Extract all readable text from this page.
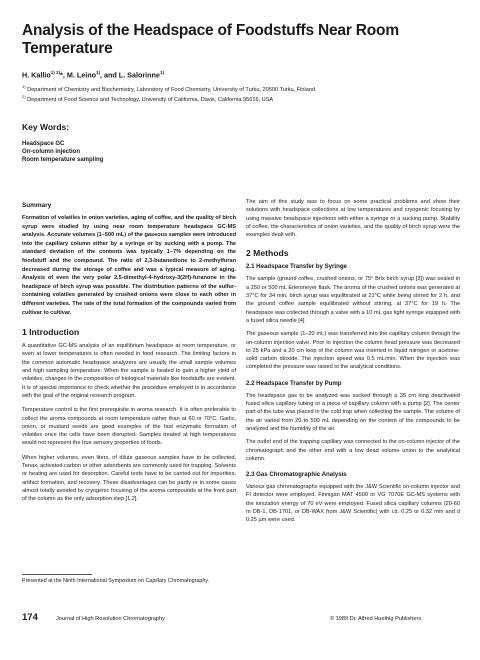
Analysis of the Headspace of Foodstuffs Near Room Temperature
H. Kallio$^{1) 2)}$*, M. Leino$^{1)}$, and L. Salorinne$^{1)}$
$^{1)}$ Department of Chemistry and Biochemistry, Laboratory of Food Chemistry, University of Turku, 20500 Turku, Finland
$^{2)}$ Department of Food Science and Technology, University of California, Davis, California 95616, USA
Key Words:
Headspace GC
On-column injection
Room temperature sampling
Summary
Formation of volatiles in onion varieties, aging of coffee, and the quality of birch syrup were studied by using near room temperature headspace GC-MS analysis. Accurate volumes (1–500 mL) of the gaseous samples were introduced into the capillary column either by a syringe or by sucking with a pump. The standard deviation of the contents was typically 1–7% depending on the foodstuff and the compound. The ratio of 2,3-butanedione to 2-methylfuran decreased during the storage of coffee and was a typical measure of aging. Analysis of even the very polar 2,5-dimethyl-4-hydroxy-3(2H)-furanone in the headspace of birch syrup was possible. The distribution patterns of the sulfur-containing volatiles generated by crushed onions were close to each other in different varieties. The rate of the total formation of the compounds varied from cultivar to cultivar.
1 Introduction
A quantitative GC-MS analysis of an equilibrium headspace at room temperature, or even at lower temperatures is often needed in food research. The limiting factors in the common automatic headspace analyzers are usually the small sample volumes and high sampling temperature. When the sample is heated to gain a higher yield of volatiles, changes in the composition of biological materials like foodstuffs are evident. It is of special importance to check whether the procedure employed is in accordance with the goal of the original research program.
Temperature control is the first prerequisite in aroma research. It is often preferable to collect the aroma compounds at room temperature rather than at 60 or 70°C. Garlic, onion, or mustard seeds are good examples of the fast enzymatic formation of volatiles once the cells have been disrupted. Samples treated at high temperatures would not represent the true sensory properties of foods.
When higher volumes, even liters, of dilute gaseous samples have to be collected, Tenax, activated carbon or other adsorbents are commonly used for trapping. Solvents or heating are used for desorption. Careful tests have to be carried out for impurities, artifact formation, and recovery. These disadvantages can be partly or in some cases almost totally avoided by cryogenic focusing of the aroma compounds at the front part of the column as the only adsorption step [1,2].
Presented at the Ninth International Symposium on Capillary Chromatography.
The aim of this study was to focus on some practical problems and show their solutions with headspace collections at low temperatures and cryogenic focusing by using massive headspace injections with either a syringe or a sucking pump. Stability of coffee, the characteristics of onion varieties, and the quality of birch syrup were the examples dealt with.
2 Methods
2.1 Headspace Transfer by Syringe
The sample (ground coffee, crushed onions, or 75° Brix birch syrup [3]) was sealed in a 250 or 500 mL Erlenmeyer flask. The aroma of the crushed onions was generated at 37°C for 34 min, birch syrup was equilibrated at 21°C while being stirred for 2 h, and the ground coffee sample equilibrated without stirring, at 37°C for 19 h. The headspace was collected through a valve with a 10 mL gas tight syringe equipped with a fused silica needle [4].
The gaseous sample (1–20 mL) was transferred into the capillary column through the on-column injection valve. Prior to injection the column head pressure was decreased to 25 kPa and a 20 cm loop of the column was inserted in liquid nitrogen or acetone-solid carbon dioxide. The injection speed was 0.5 mL/min. When the injection was completed the pressure was raised to the analytical conditions.
2.2 Headspace Transfer by Pump
The headspace gas to be analyzed was sucked through a 35 cm long deactivated fused silica capillary tubing or a piece of capillary column with a pump [2]. The center part of the tube was placed in the cold trap when collecting the sample. The volume of the air varied from 20 to 500 mL depending on the content of the compounds to be analyzed and the humidity of the air.
The outlet end of the trapping capillary was connected to the on-column injector of the chromatograph and the other end with a low dead volume union to the analytical column.
2.3 Gas Chromatographic Analysis
Various gas chromatographs equipped with the J&W Scientific on-column injector and FI detector were employed. Finnigan MAT 4500 or VG 7070E GC-MS systems with the ionization energy of 70 eV were employed. Fused silica capillary columns (20-60 m DB-1, DB-1701, or DB-WAX from J&W Scientific) with i.d. 0.25 or 0.32 mm and d 0.25 µm were used.
174	Journal of High Resolution Chromatography	© 1989 Dr. Alfred Huethig Publishers
